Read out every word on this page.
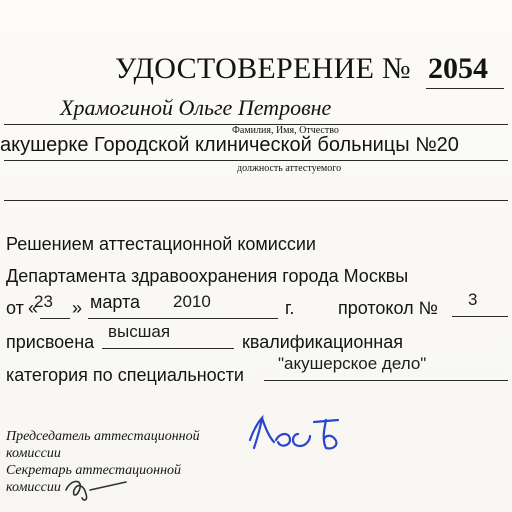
УДОСТОВЕРЕНИЕ № 2054
Храмогиной Ольге Петровне
Фамилия, Имя, Отчество
акушерке Городской клинической больницы №20
должность аттестуемого
Решением аттестационной комиссии
Департамента здравоохранения города Москвы
от «
23 » марта 2010	г. протокол № 3
присвоена
высшая
квалификационная
категория по специальности
"акушерское дело"
Председатель аттестационной
комиссии
Секретарь аттестационной
комиссии
